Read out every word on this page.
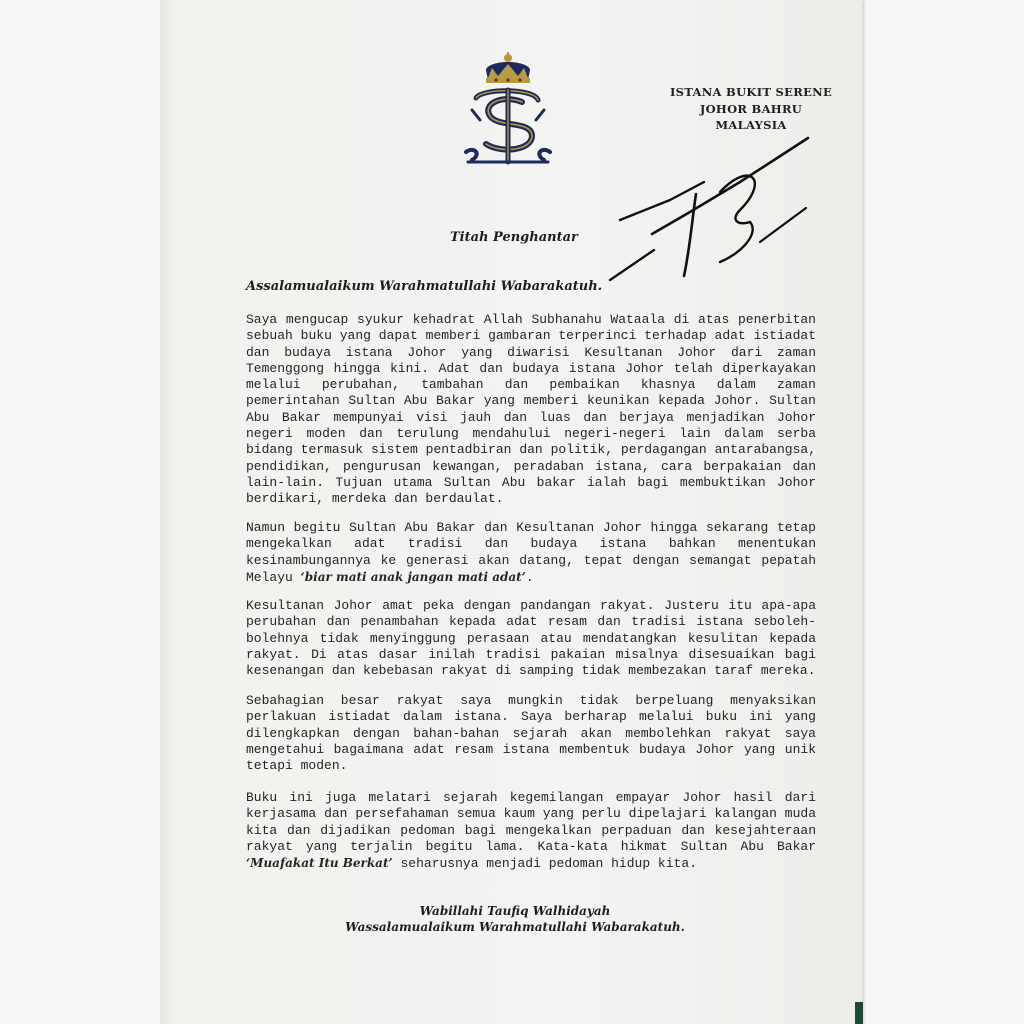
ISTANA BUKIT SERENE
JOHOR BAHRU
MALAYSIA
Titah Penghantar
Assalamualaikum Warahmatullahi Wabarakatuh.

Saya mengucap syukur kehadrat Allah Subhanahu Wataala di atas penerbitan sebuah buku yang dapat memberi gambaran terperinci terhadap adat istiadat dan budaya istana Johor yang diwarisi Kesultanan Johor dari zaman Temenggong hingga kini. Adat dan budaya istana Johor telah diperkayakan melalui perubahan, tambahan dan pembaikan khasnya dalam zaman pemerintahan Sultan Abu Bakar yang memberi keunikan kepada Johor. Sultan Abu Bakar mempunyai visi jauh dan luas dan berjaya menjadikan Johor negeri moden dan terulung mendahului negeri-negeri lain dalam serba bidang termasuk sistem pentadbiran dan politik, perdagangan antarabangsa, pendidikan, pengurusan kewangan, peradaban istana, cara berpakaian dan lain-lain. Tujuan utama Sultan Abu bakar ialah bagi membuktikan Johor berdikari, merdeka dan berdaulat.

Namun begitu Sultan Abu Bakar dan Kesultanan Johor hingga sekarang tetap mengekalkan adat tradisi dan budaya istana bahkan menentukan kesinambungannya ke generasi akan datang, tepat dengan semangat pepatah Melayu ‘biar mati anak jangan mati adat’.

Kesultanan Johor amat peka dengan pandangan rakyat. Justeru itu apa-apa perubahan dan penambahan kepada adat resam dan tradisi istana seboleh-bolehnya tidak menyinggung perasaan atau mendatangkan kesulitan kepada rakyat. Di atas dasar inilah tradisi pakaian misalnya disesuaikan bagi kesenangan dan kebebasan rakyat di samping tidak membezakan taraf mereka.

Sebahagian besar rakyat saya mungkin tidak berpeluang menyaksikan perlakuan istiadat dalam istana. Saya berharap melalui buku ini yang dilengkapkan dengan bahan-bahan sejarah akan membolehkan rakyat saya mengetahui bagaimana adat resam istana membentuk budaya Johor yang unik tetapi moden.

Buku ini juga melatari sejarah kegemilangan empayar Johor hasil dari kerjasama dan persefahaman semua kaum yang perlu dipelajari kalangan muda kita dan dijadikan pedoman bagi mengekalkan perpaduan dan kesejahteraan rakyat yang terjalin begitu lama. Kata-kata hikmat Sultan Abu Bakar ‘Muafakat Itu Berkat’ seharusnya menjadi pedoman hidup kita.

Wabillahi Taufiq Walhidayah
Wassalamualaikum Warahmatullahi Wabarakatuh.
